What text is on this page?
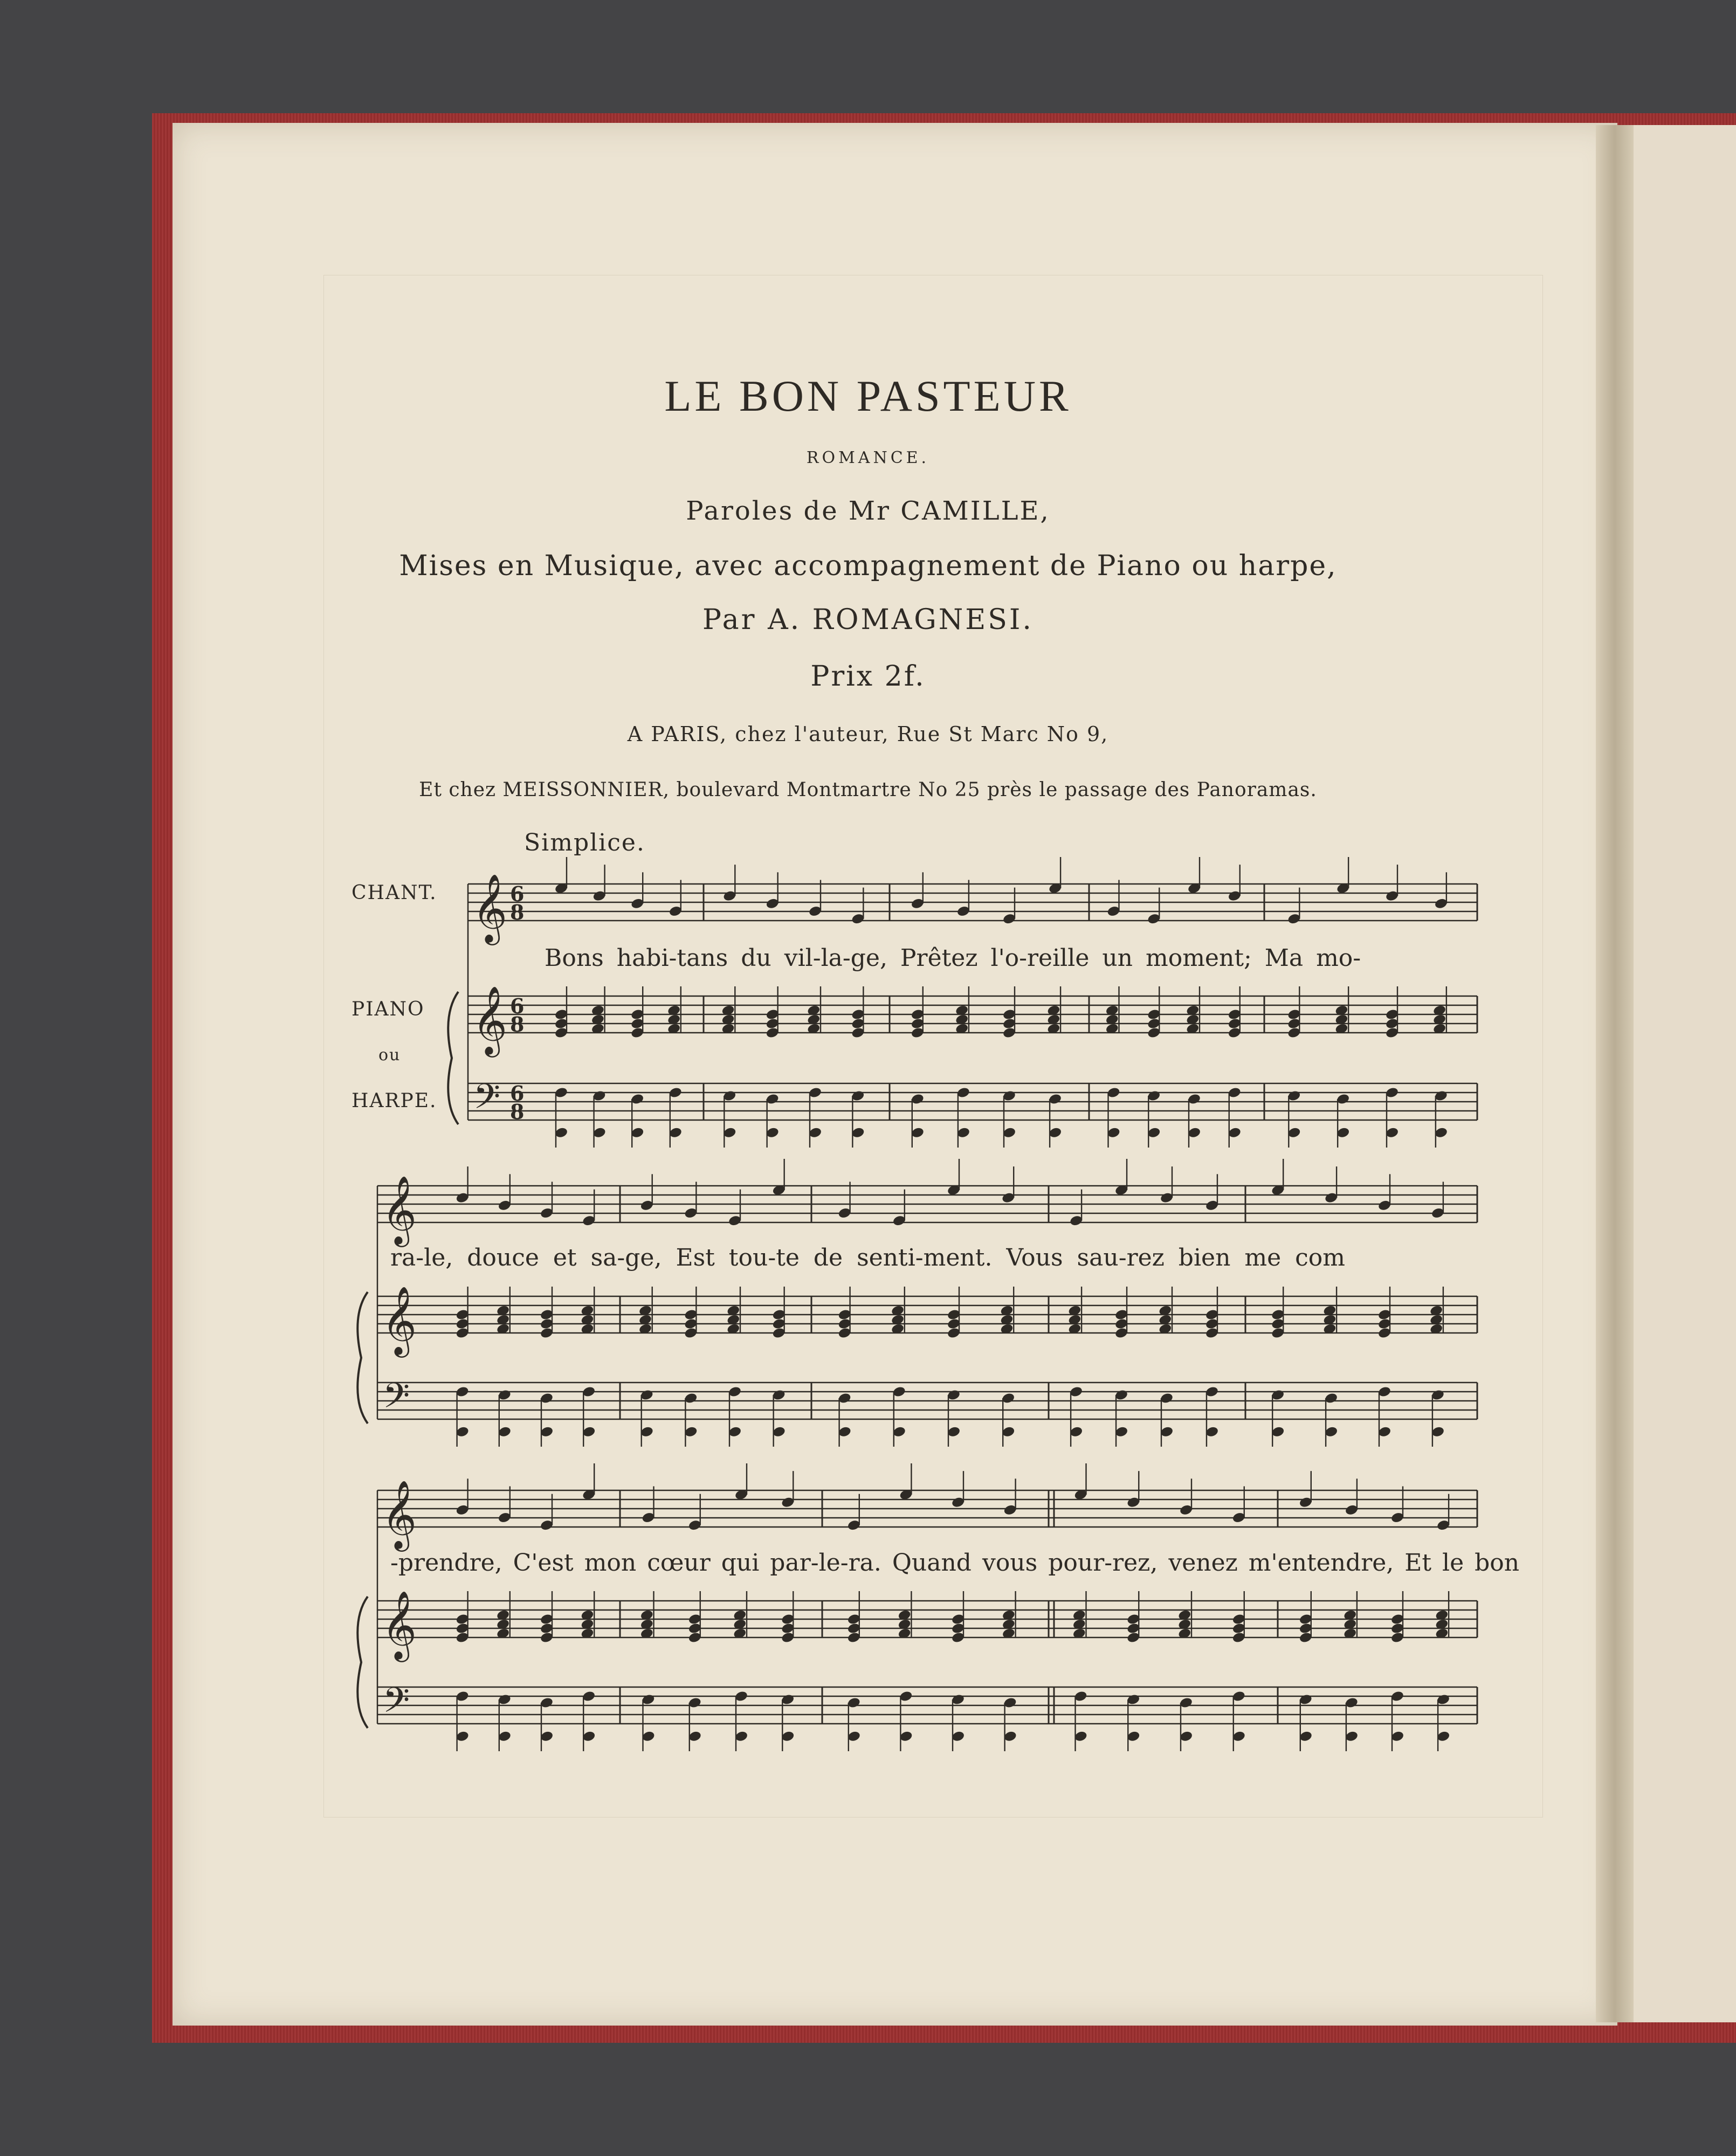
LE BON PASTEUR
ROMANCE.
Paroles de Mr CAMILLE,
Mises en Musique, avec accompagnement de Piano ou harpe,
Par A. ROMAGNESI.
Prix 2f.
A PARIS, chez l'auteur, Rue St Marc No 9,
Et chez MEISSONNIER, boulevard Montmartre No 25 près le passage des Panoramas.
Simplice.
CHANT.
PIANO
ou
HARPE.
Bons habi-tans du vil-la-ge, Prêtez l'o-reille un moment; Ma mo-
ra-le, douce et sa-ge, Est tou-te de senti-ment. Vous sau-rez bien me com
-prendre, C'est mon cœur qui par-le-ra. Quand vous pour-rez, venez m'entendre, Et le bon
𝄞 6
8
𝄞 6
8
𝄢 6
8
𝄞
𝄞
𝄢
𝄞
𝄞
𝄢
